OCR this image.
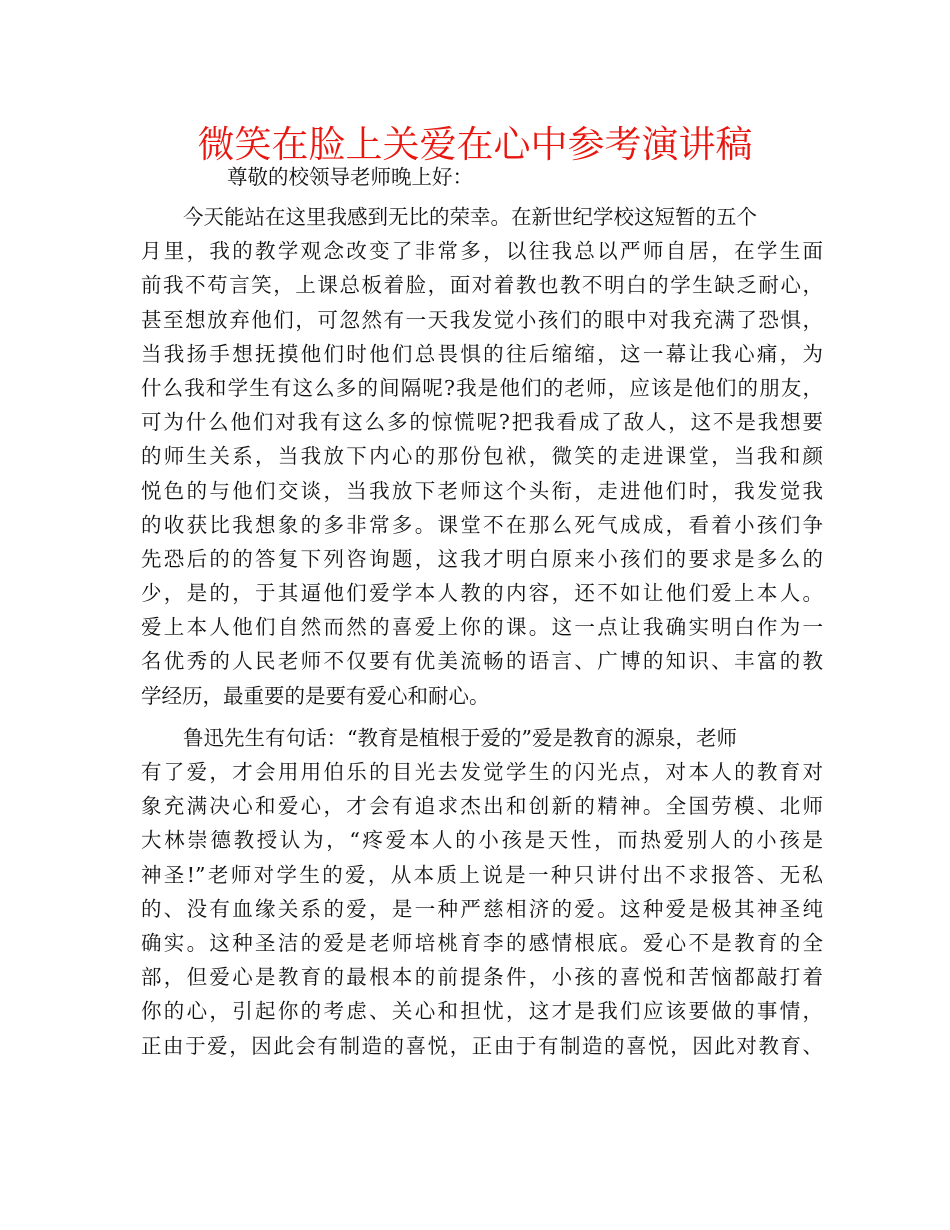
微笑在脸上关爱在心中参考演讲稿
尊敬的校领导老师晚上好：
今天能站在这里我感到无比的荣幸。在新世纪学校这短暂的五个
月里，我的教学观念改变了非常多，以往我总以严师自居，在学生面
前我不苟言笑，上课总板着脸，面对着教也教不明白的学生缺乏耐心，
甚至想放弃他们，可忽然有一天我发觉小孩们的眼中对我充满了恐惧，
当我扬手想抚摸他们时他们总畏惧的往后缩缩，这一幕让我心痛，为
什么我和学生有这么多的间隔呢?我是他们的老师，应该是他们的朋友，
可为什么他们对我有这么多的惊慌呢?把我看成了敌人，这不是我想要
的师生关系，当我放下内心的那份包袱，微笑的走进课堂，当我和颜
悦色的与他们交谈，当我放下老师这个头衔，走进他们时，我发觉我
的收获比我想象的多非常多。课堂不在那么死气成成，看着小孩们争
先恐后的的答复下列咨询题，这我才明白原来小孩们的要求是多么的
少，是的，于其逼他们爱学本人教的内容，还不如让他们爱上本人。
爱上本人他们自然而然的喜爱上你的课。这一点让我确实明白作为一
名优秀的人民老师不仅要有优美流畅的语言、广博的知识、丰富的教
学经历，最重要的是要有爱心和耐心。
鲁迅先生有句话：“教育是植根于爱的”爱是教育的源泉，老师
有了爱，才会用用伯乐的目光去发觉学生的闪光点，对本人的教育对
象充满决心和爱心，才会有追求杰出和创新的精神。全国劳模、北师
大林崇德教授认为，“疼爱本人的小孩是天性，而热爱别人的小孩是
神圣!”老师对学生的爱，从本质上说是一种只讲付出不求报答、无私
的、没有血缘关系的爱，是一种严慈相济的爱。这种爱是极其神圣纯
确实。这种圣洁的爱是老师培桃育李的感情根底。爱心不是教育的全
部，但爱心是教育的最根本的前提条件，小孩的喜悦和苦恼都敲打着
你的心，引起你的考虑、关心和担忧，这才是我们应该要做的事情，
正由于爱，因此会有制造的喜悦，正由于有制造的喜悦，因此对教育、
